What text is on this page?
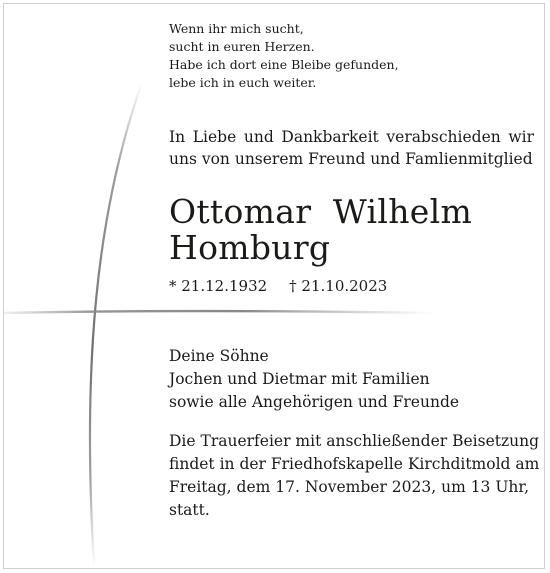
Wenn ihr mich sucht,
sucht in euren Herzen.
Habe ich dort eine Bleibe gefunden,
lebe ich in euch weiter.
In Liebe und Dankbarkeit verabschieden wir uns von unserem Freund und Famlienmitglied
Ottomar  Wilhelm
Homburg
* 21.12.1932 † 21.10.2023
Deine Söhne
Jochen und Dietmar mit Familien
sowie alle Angehörigen und Freunde
Die Trauerfeier mit anschließender Beisetzung
findet in der Friedhofskapelle Kirchditmold am
Freitag, dem 17. November 2023, um 13 Uhr,
statt.
